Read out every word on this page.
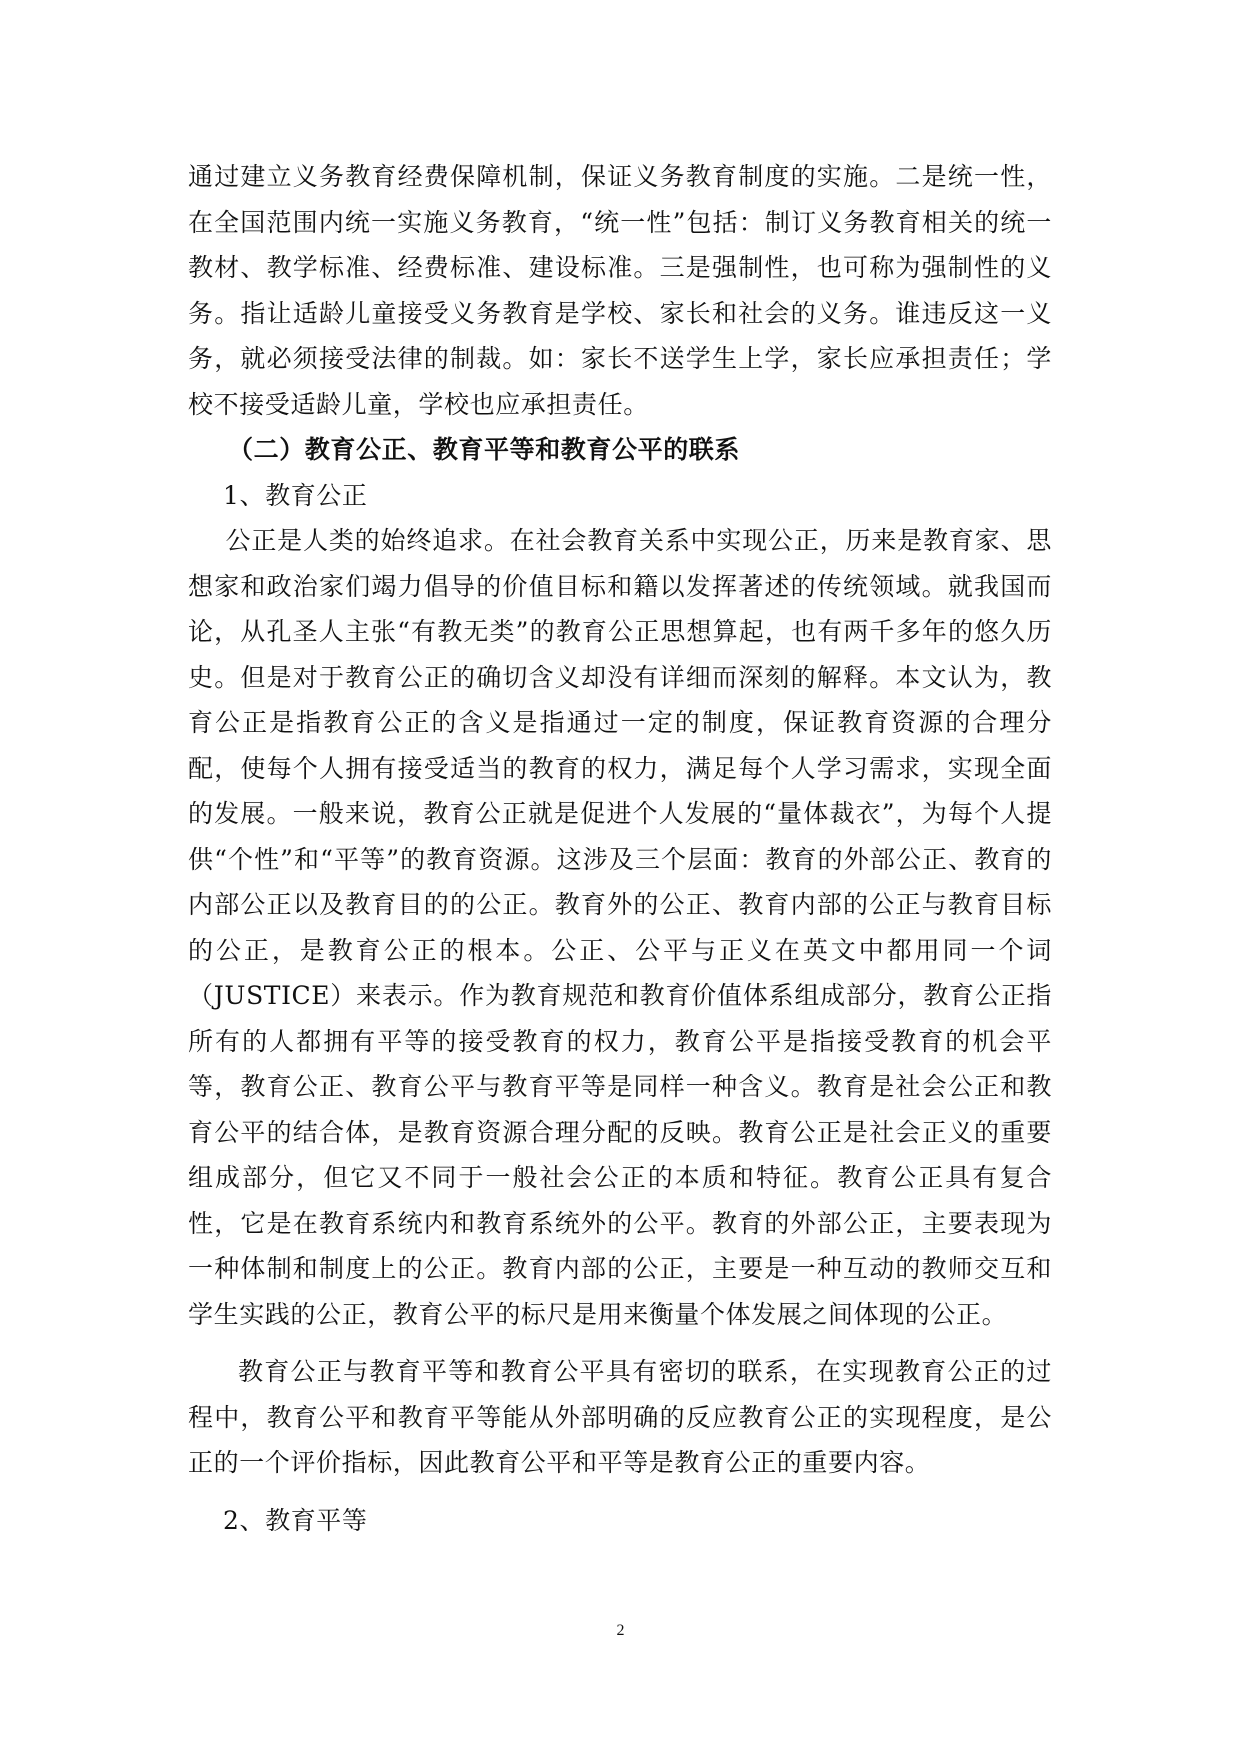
通过建立义务教育经费保障机制，保证义务教育制度的实施。二是统一性，在全国范围内统一实施义务教育，“统一性”包括：制订义务教育相关的统一教材、教学标准、经费标准、建设标准。三是强制性，也可称为强制性的义务。指让适龄儿童接受义务教育是学校、家长和社会的义务。谁违反这一义务，就必须接受法律的制裁。如：家长不送学生上学，家长应承担责任；学校不接受适龄儿童，学校也应承担责任。

（二）教育公正、教育平等和教育公平的联系

1、教育公正

公正是人类的始终追求。在社会教育关系中实现公正，历来是教育家、思想家和政治家们竭力倡导的价值目标和籍以发挥著述的传统领域。就我国而论，从孔圣人主张“有教无类”的教育公正思想算起，也有两千多年的悠久历史。但是对于教育公正的确切含义却没有详细而深刻的解释。本文认为，教育公正是指教育公正的含义是指通过一定的制度，保证教育资源的合理分配，使每个人拥有接受适当的教育的权力，满足每个人学习需求，实现全面的发展。一般来说，教育公正就是促进个人发展的“量体裁衣”，为每个人提供“个性”和“平等”的教育资源。这涉及三个层面：教育的外部公正、教育的内部公正以及教育目的的公正。教育外的公正、教育内部的公正与教育目标的公正，是教育公正的根本。公正、公平与正义在英文中都用同一个词（JUSTICE）来表示。作为教育规范和教育价值体系组成部分，教育公正指所有的人都拥有平等的接受教育的权力，教育公平是指接受教育的机会平等，教育公正、教育公平与教育平等是同样一种含义。教育是社会公正和教育公平的结合体，是教育资源合理分配的反映。教育公正是社会正义的重要组成部分，但它又不同于一般社会公正的本质和特征。教育公正具有复合性，它是在教育系统内和教育系统外的公平。教育的外部公正，主要表现为一种体制和制度上的公正。教育内部的公正，主要是一种互动的教师交互和学生实践的公正，教育公平的标尺是用来衡量个体发展之间体现的公正。

教育公正与教育平等和教育公平具有密切的联系，在实现教育公正的过程中，教育公平和教育平等能从外部明确的反应教育公正的实现程度，是公正的一个评价指标，因此教育公平和平等是教育公正的重要内容。

2、教育平等

2
